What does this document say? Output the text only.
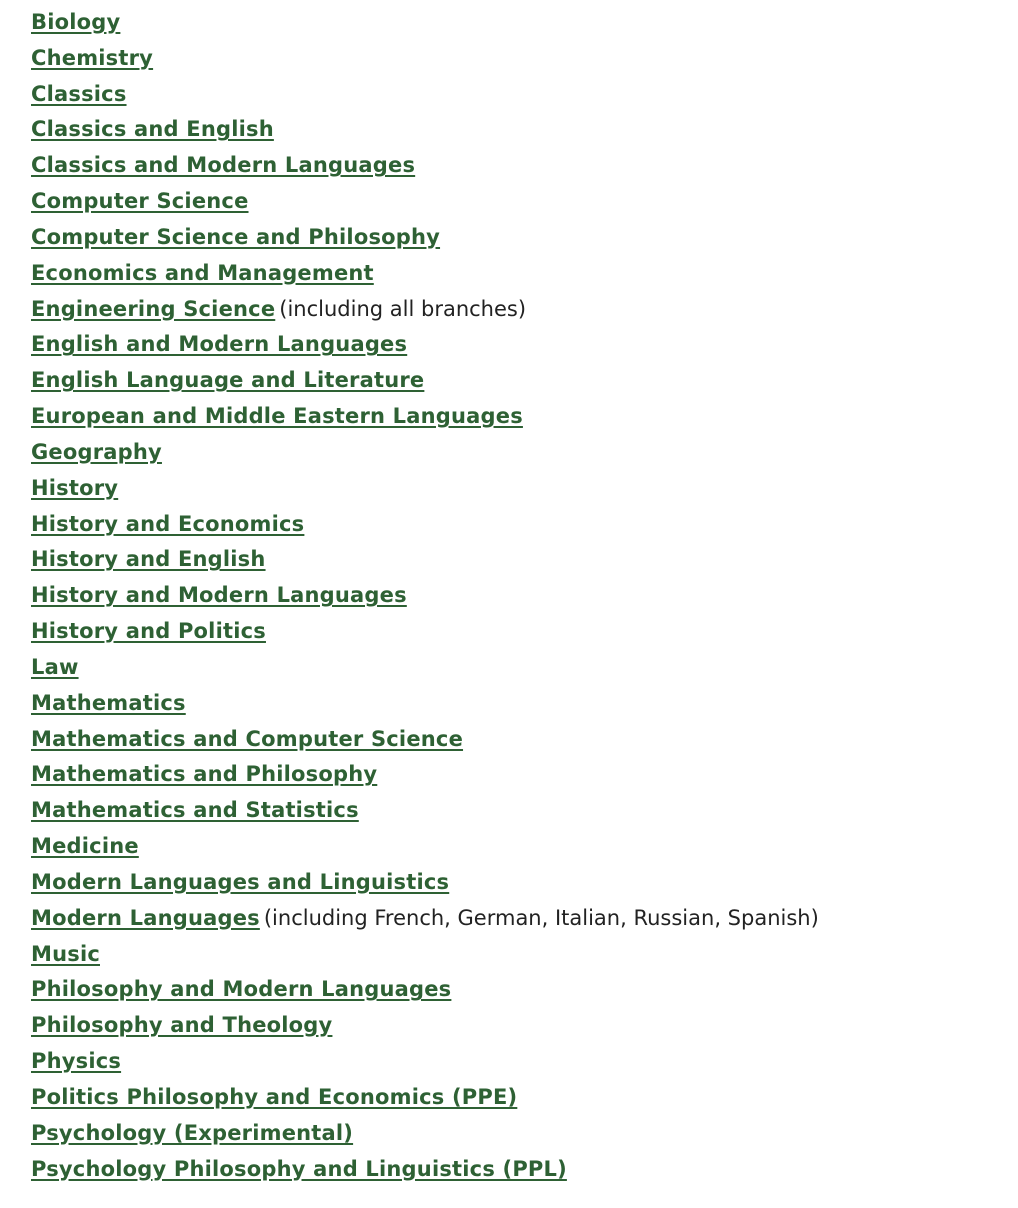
Biology
Chemistry
Classics
Classics and English
Classics and Modern Languages
Computer Science
Computer Science and Philosophy
Economics and Management
Engineering Science (including all branches)
English and Modern Languages
English Language and Literature
European and Middle Eastern Languages
Geography
History
History and Economics
History and English
History and Modern Languages
History and Politics
Law
Mathematics
Mathematics and Computer Science
Mathematics and Philosophy
Mathematics and Statistics
Medicine
Modern Languages and Linguistics
Modern Languages (including French, German, Italian, Russian, Spanish)
Music
Philosophy and Modern Languages
Philosophy and Theology
Physics
Politics Philosophy and Economics (PPE)
Psychology (Experimental)
Psychology Philosophy and Linguistics (PPL)
